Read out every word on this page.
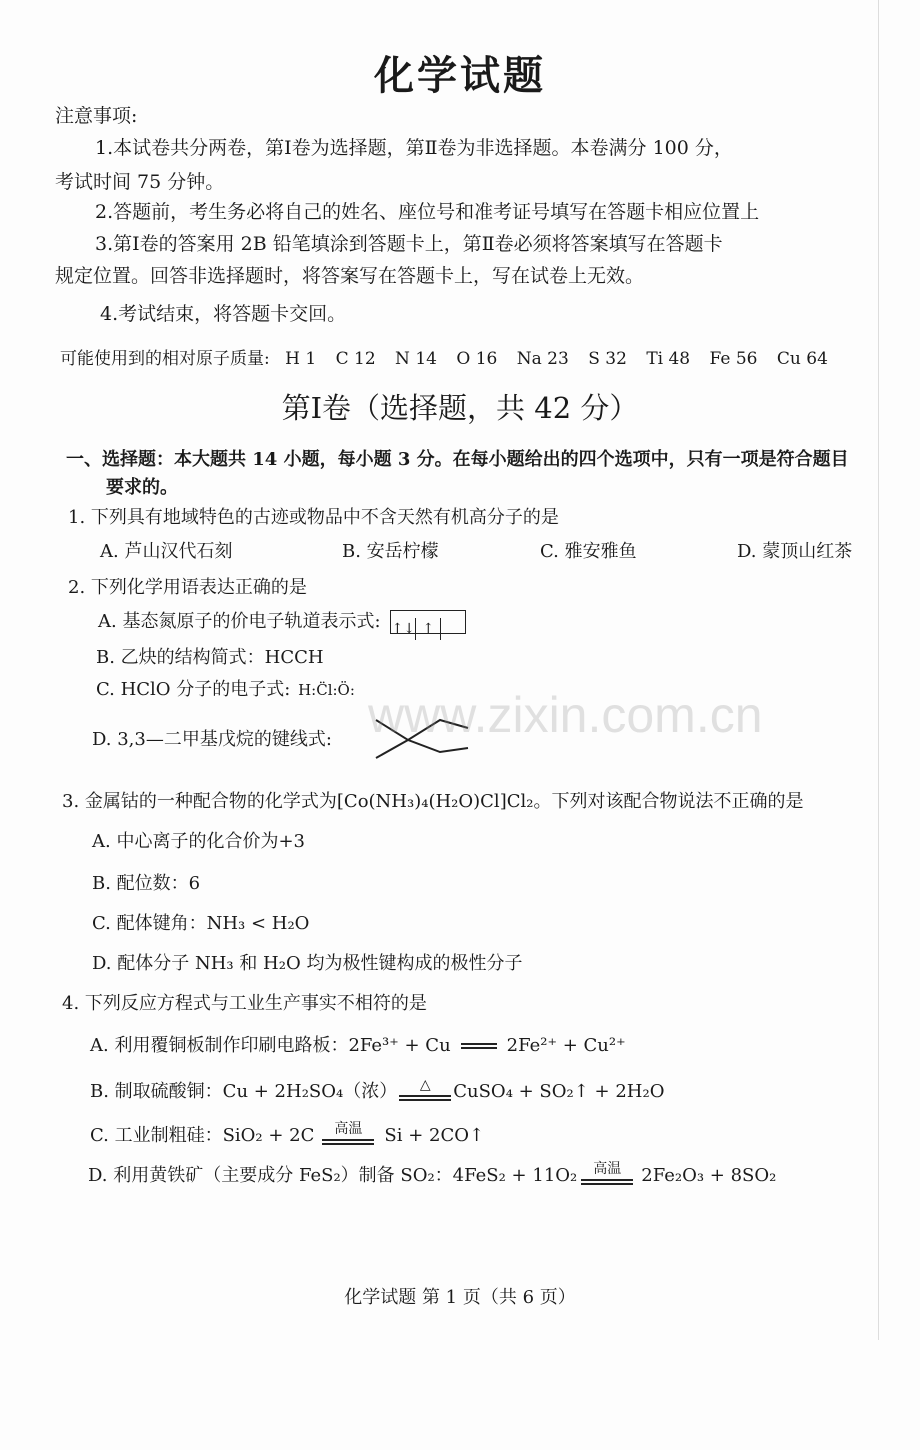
化学试题
注意事项:
1.本试卷共分两卷，第Ⅰ卷为选择题，第Ⅱ卷为非选择题。本卷满分 100 分，
考试时间 75 分钟。
2.答题前，考生务必将自己的姓名、座位号和准考证号填写在答题卡相应位置上
3.第Ⅰ卷的答案用 2B 铅笔填涂到答题卡上，第Ⅱ卷必须将答案填写在答题卡
规定位置。回答非选择题时，将答案写在答题卡上，写在试卷上无效。
4.考试结束，将答题卡交回。
可能使用到的相对原子质量: H 1 C 12 N 14 O 16 Na 23 S 32 Ti 48 Fe 56 Cu 64
第Ⅰ卷（选择题，共 42 分）
一、选择题：本大题共 14 小题，每小题 3 分。在每小题给出的四个选项中，只有一项是符合题目
要求的。
1. 下列具有地域特色的古迹或物品中不含天然有机高分子的是
A. 芦山汉代石刻	B. 安岳柠檬	C. 雅安雅鱼	D. 蒙顶山红茶
2. 下列化学用语表达正确的是
A. 基态氮原子的价电子轨道表示式: ↑↓ ↑
B. 乙炔的结构简式：HCCH
C. HClO 分子的电子式: H:C̈l:Ö:
D. 3,3—二甲基戊烷的键线式:
3. 金属钴的一种配合物的化学式为[Co(NH₃)₄(H₂O)Cl]Cl₂。下列对该配合物说法不正确的是
A. 中心离子的化合价为+3
B. 配位数：6
C. 配体键角：NH₃ < H₂O
D. 配体分子 NH₃ 和 H₂O 均为极性键构成的极性分子
4. 下列反应方程式与工业生产事实不相符的是
A. 利用覆铜板制作印刷电路板：2Fe³⁺ + Cu	2Fe²⁺ + Cu²⁺
B. 制取硫酸铜：Cu + 2H₂SO₄（浓）	△	CuSO₄ + SO₂↑ + 2H₂O
C. 工业制粗硅：SiO₂ + 2C	高温	Si + 2CO↑
D. 利用黄铁矿（主要成分 FeS₂）制备 SO₂：4FeS₂ + 11O₂	高温	2Fe₂O₃ + 8SO₂
www.zixin.com.cn
化学试题 第 1 页（共 6 页）
